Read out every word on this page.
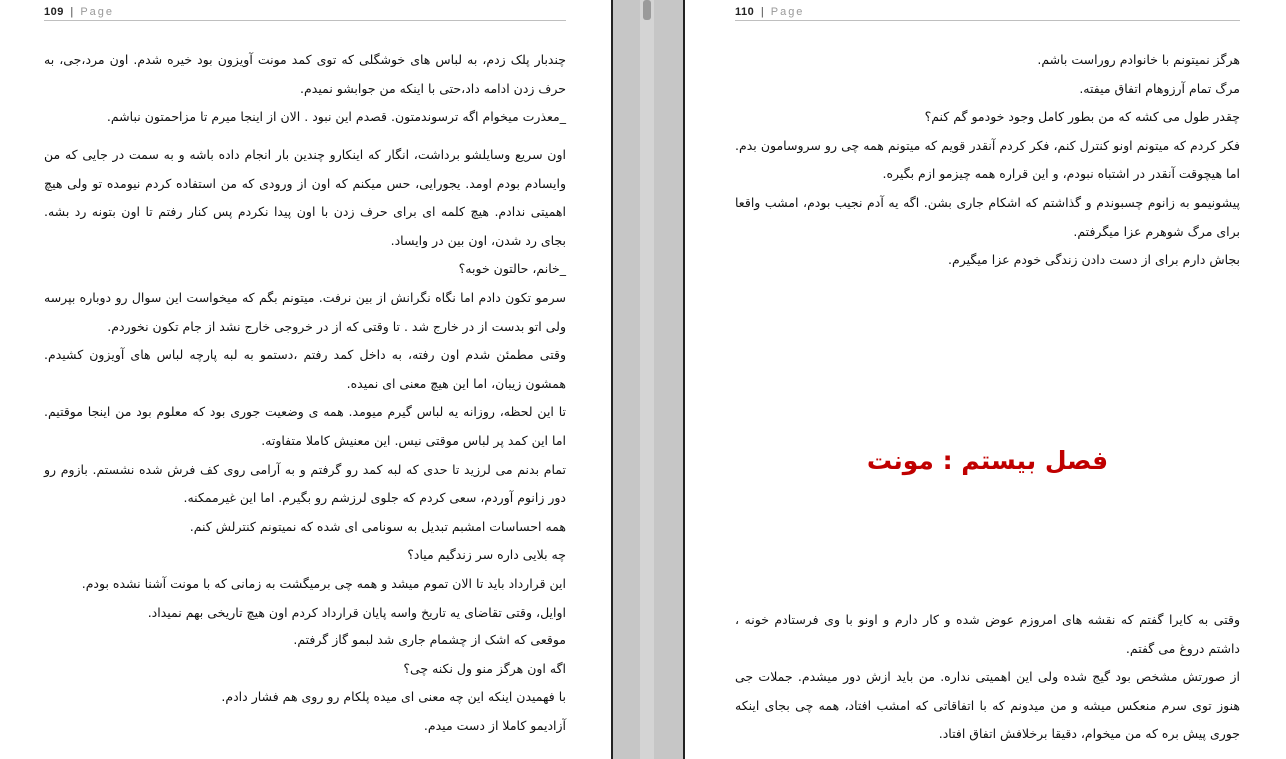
109 | Page

چندبار پلک زدم، به لباس های خوشگلی که توی کمد مونت آویزون بود خیره شدم. اون مرد،جی، به حرف زدن ادامه داد،حتی با اینکه من جوابشو نمیدم.

_معذرت میخوام اگه ترسوندمتون. قصدم این نبود . الان از اینجا میرم تا مزاحمتون نباشم.

اون سریع وسایلشو برداشت، انگار که اینکارو چندین بار انجام داده باشه و به سمت در جایی که من وایسادم بودم اومد. یجورایی، حس میکنم که اون از ورودی که من استفاده کردم نیومده تو ولی هیچ اهمیتی ندادم. هیچ کلمه ای برای حرف زدن با اون پیدا نکردم پس کنار رفتم تا اون بتونه رد بشه. بجای رد شدن، اون بین در وایساد.

_خانم، حالتون خوبه؟

سرمو تکون دادم اما نگاه نگرانش از بین نرفت. میتونم بگم که میخواست این سوال رو دوباره بپرسه ولی اتو بدست از در خارج شد . تا وقتی که از در خروجی خارج نشد از جام تکون نخوردم.

وقتی مطمئن شدم اون رفته، به داخل کمد رفتم ،دستمو به لبه پارچه لباس های آویزون کشیدم. همشون زیبان، اما این هیچ معنی ای نمیده.

تا این لحظه، روزانه یه لباس گیرم میومد. همه ی وضعیت جوری بود که معلوم بود من اینجا موقتیم. اما این کمد پر لباس موقتی نیس. این معنیش کاملا متفاوته.

تمام بدنم می لرزید تا حدی که لبه کمد رو گرفتم و به آرامی روی کف فرش شده نشستم. بازوم رو دور زانوم آوردم، سعی کردم که جلوی لرزشم رو بگیرم. اما این غیرممکنه.

همه احساسات امشبم تبدیل به سونامی ای شده که نمیتونم کنترلش کنم.

چه بلایی داره سر زندگیم میاد؟

این قرارداد باید تا الان تموم میشد و همه چی برمیگشت به زمانی که با مونت آشنا نشده بودم.

اوایل، وقتی تقاضای یه تاریخ واسه پایان قرارداد کردم اون هیچ تاریخی بهم نمیداد.

موقعی که اشک از چشمام جاری شد لبمو گاز گرفتم.

اگه اون هرگز منو ول نکنه چی؟

با فهمیدن اینکه این چه معنی ای میده پلکام رو روی هم فشار دادم.

آزادیمو کاملا از دست میدم.

110 | Page

هرگز نمیتونم با خانوادم روراست باشم.

مرگ تمام آرزوهام اتفاق میفته.

چقدر طول می کشه که من بطور کامل وجود خودمو گم کنم؟

فکر کردم که میتونم اونو کنترل کنم، فکر کردم آنقدر قویم که میتونم همه چی رو سروسامون بدم. اما هیچوقت آنقدر در اشتباه نبودم، و این قراره همه چیزمو ازم بگیره.

پیشونیمو به زانوم چسبوندم و گذاشتم که اشکام جاری بشن. اگه یه آدم نجیب بودم، امشب واقعا برای مرگ شوهرم عزا میگرفتم.

بجاش دارم برای از دست دادن زندگی خودم عزا میگیرم.

فصل بیستم : مونت

وقتی به کایرا گفتم که نقشه های امروزم عوض شده و کار دارم و اونو با وی فرستادم خونه ، داشتم دروغ می گفتم.

از صورتش مشخص بود گیج شده ولی این اهمیتی نداره. من باید ازش دور میشدم. جملات جی هنوز توی سرم منعکس میشه و من میدونم که با اتفاقاتی که امشب افتاد، همه چی بجای اینکه جوری پیش بره که من میخوام، دقیقا برخلافش اتفاق افتاد.
